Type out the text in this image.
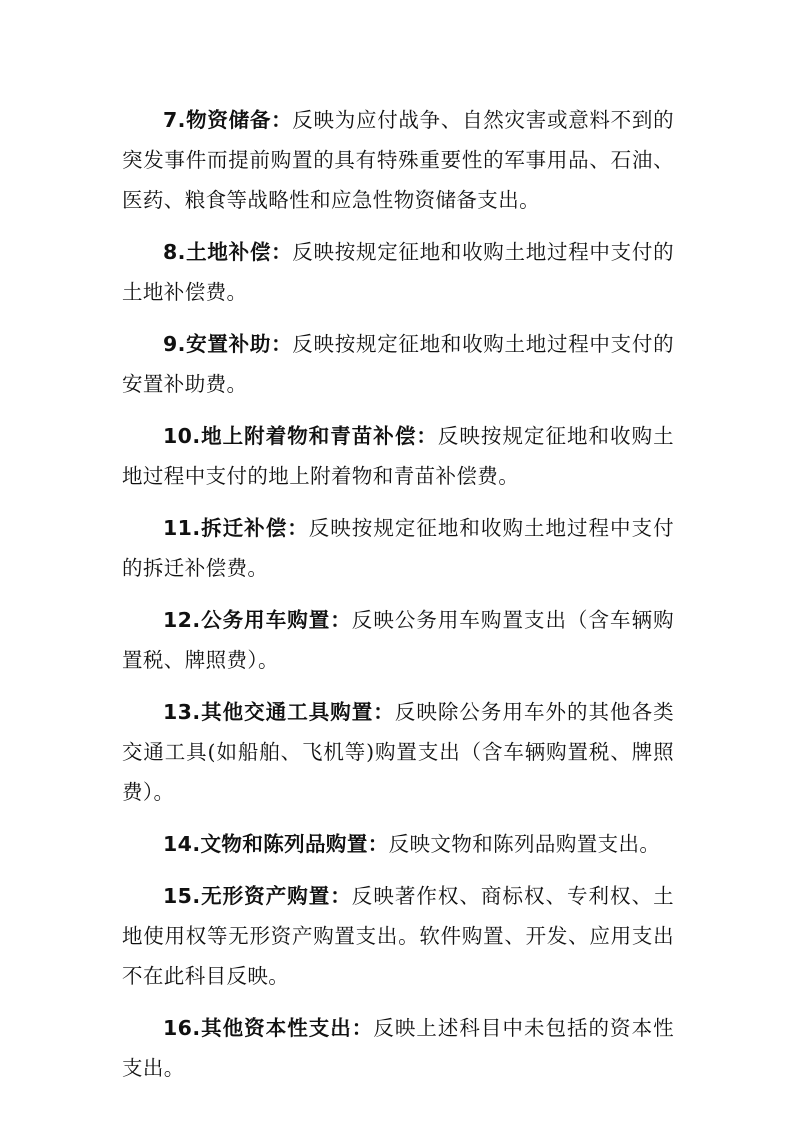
7.物资储备：反映为应付战争、自然灾害或意料不到的突发事件而提前购置的具有特殊重要性的军事用品、石油、医药、粮食等战略性和应急性物资储备支出。

8.土地补偿：反映按规定征地和收购土地过程中支付的土地补偿费。

9.安置补助：反映按规定征地和收购土地过程中支付的安置补助费。

10.地上附着物和青苗补偿：反映按规定征地和收购土地过程中支付的地上附着物和青苗补偿费。

11.拆迁补偿：反映按规定征地和收购土地过程中支付的拆迁补偿费。

12.公务用车购置：反映公务用车购置支出（含车辆购置税、牌照费）。

13.其他交通工具购置：反映除公务用车外的其他各类交通工具(如船舶、飞机等)购置支出（含车辆购置税、牌照费）。

14.文物和陈列品购置：反映文物和陈列品购置支出。

15.无形资产购置：反映著作权、商标权、专利权、土地使用权等无形资产购置支出。软件购置、开发、应用支出不在此科目反映。

16.其他资本性支出：反映上述科目中未包括的资本性支出。
